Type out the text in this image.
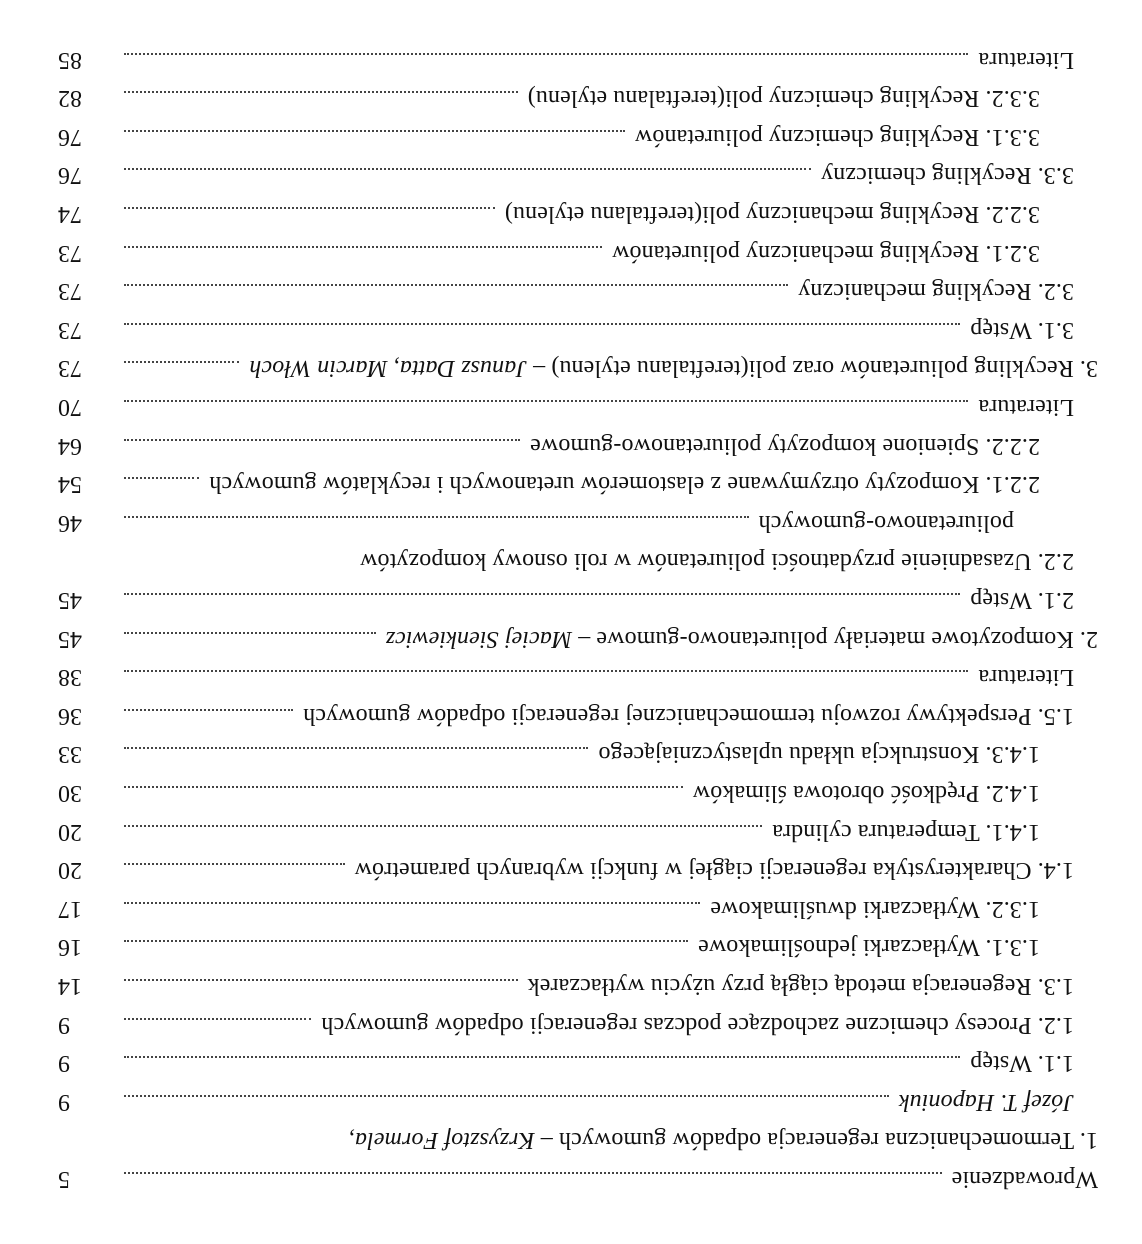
Wprowadzenie
5
1. Termomechaniczna regeneracja odpadów gumowych – Krzysztof Formela,
Józef T. Haponiuk
9
1.1. Wstęp
9
1.2. Procesy chemiczne zachodzące podczas regeneracji odpadów gumowych
9
1.3. Regeneracja metodą ciągłą przy użyciu wytłaczarek
14
1.3.1. Wytłaczarki jednoślimakowe
16
1.3.2. Wytłaczarki dwuślimakowe
17
1.4. Charakterystyka regeneracji ciągłej w funkcji wybranych parametrów
20
1.4.1. Temperatura cylindra
20
1.4.2. Prędkość obrotowa ślimaków
30
1.4.3. Konstrukcja układu uplastyczniającego
33
1.5. Perspektywy rozwoju termomechanicznej regeneracji odpadów gumowych
36
Literatura
38
2. Kompozytowe materiały poliuretanowo-gumowe – Maciej Sienkiewicz
45
2.1. Wstęp
45
2.2. Uzasadnienie przydatności poliuretanów w roli osnowy kompozytów
poliuretanowo-gumowych
46
2.2.1. Kompozyty otrzymywane z elastomerów uretanowych i recyklatów gumowych
54
2.2.2. Spienione kompozyty poliuretanowo-gumowe
64
Literatura
70
3. Recykling poliuretanów oraz poli(tereftalanu etylenu) – Janusz Datta, Marcin Włoch
73
3.1. Wstęp
73
3.2. Recykling mechaniczny
73
3.2.1. Recykling mechaniczny poliuretanów
73
3.2.2. Recykling mechaniczny poli(tereftalanu etylenu)
74
3.3. Recykling chemiczny
76
3.3.1. Recykling chemiczny poliuretanów
76
3.3.2. Recykling chemiczny poli(tereftalanu etylenu)
82
Literatura
85
